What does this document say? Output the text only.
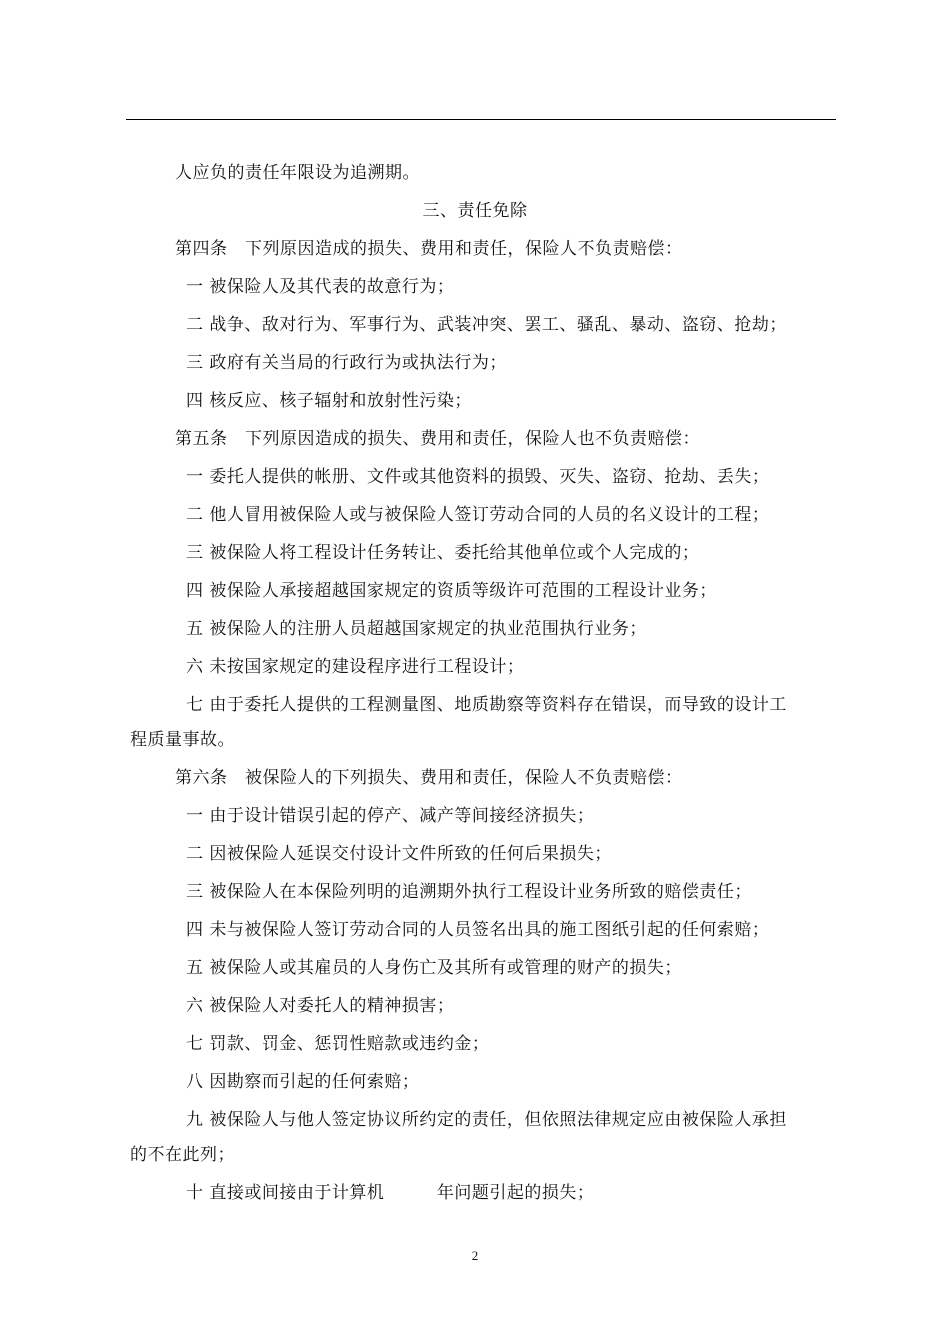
人应负的责任年限设为追溯期。
三、责任免除
第四条　下列原因造成的损失、费用和责任，保险人不负责赔偿：
一 被保险人及其代表的故意行为；
二 战争、敌对行为、军事行为、武装冲突、罢工、骚乱、暴动、盗窃、抢劫；
三 政府有关当局的行政行为或执法行为；
四 核反应、核子辐射和放射性污染；
第五条　下列原因造成的损失、费用和责任，保险人也不负责赔偿：
一 委托人提供的帐册、文件或其他资料的损毁、灭失、盗窃、抢劫、丢失；
二 他人冒用被保险人或与被保险人签订劳动合同的人员的名义设计的工程；
三 被保险人将工程设计任务转让、委托给其他单位或个人完成的；
四 被保险人承接超越国家规定的资质等级许可范围的工程设计业务；
五 被保险人的注册人员超越国家规定的执业范围执行业务；
六 未按国家规定的建设程序进行工程设计；
七 由于委托人提供的工程测量图、地质勘察等资料存在错误，而导致的设计工
程质量事故。
第六条　被保险人的下列损失、费用和责任，保险人不负责赔偿：
一 由于设计错误引起的停产、减产等间接经济损失；
二 因被保险人延误交付设计文件所致的任何后果损失；
三 被保险人在本保险列明的追溯期外执行工程设计业务所致的赔偿责任；
四 未与被保险人签订劳动合同的人员签名出具的施工图纸引起的任何索赔；
五 被保险人或其雇员的人身伤亡及其所有或管理的财产的损失；
六 被保险人对委托人的精神损害；
七 罚款、罚金、惩罚性赔款或违约金；
八 因勘察而引起的任何索赔；
九 被保险人与他人签定协议所约定的责任，但依照法律规定应由被保险人承担
的不在此列；
十 直接或间接由于计算机　　　年问题引起的损失；
2
